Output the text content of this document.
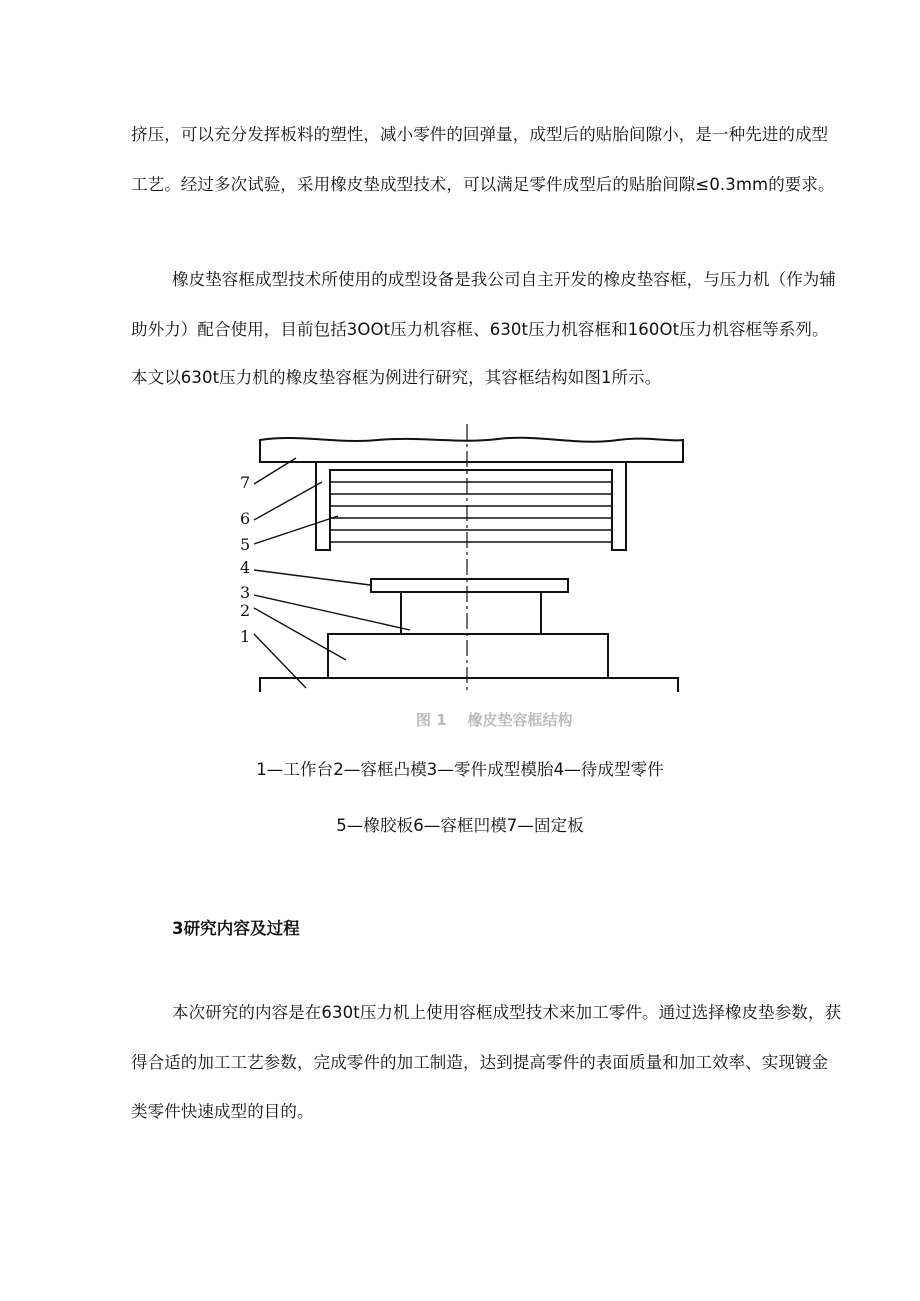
挤压，可以充分发挥板料的塑性，减小零件的回弹量，成型后的贴胎间隙小，是一种先进的成型
工艺。经过多次试验，采用橡皮垫成型技术，可以满足零件成型后的贴胎间隙≤0.3mm的要求。
橡皮垫容框成型技术所使用的成型设备是我公司自主开发的橡皮垫容框，与压力机（作为辅
助外力）配合使用，目前包括3OOt压力机容框、630t压力机容框和160Ot压力机容框等系列。
本文以630t压力机的橡皮垫容框为例进行研究，其容框结构如图1所示。
7
6
5
4
3
2
1
图 1    橡皮垫容框结构
1—工作台2—容框凸模3—零件成型模胎4—待成型零件
5—橡胶板6—容框凹模7—固定板
3研究内容及过程
本次研究的内容是在630t压力机上使用容框成型技术来加工零件。通过选择橡皮垫参数，获
得合适的加工工艺参数，完成零件的加工制造，达到提高零件的表面质量和加工效率、实现镀金
类零件快速成型的目的。
